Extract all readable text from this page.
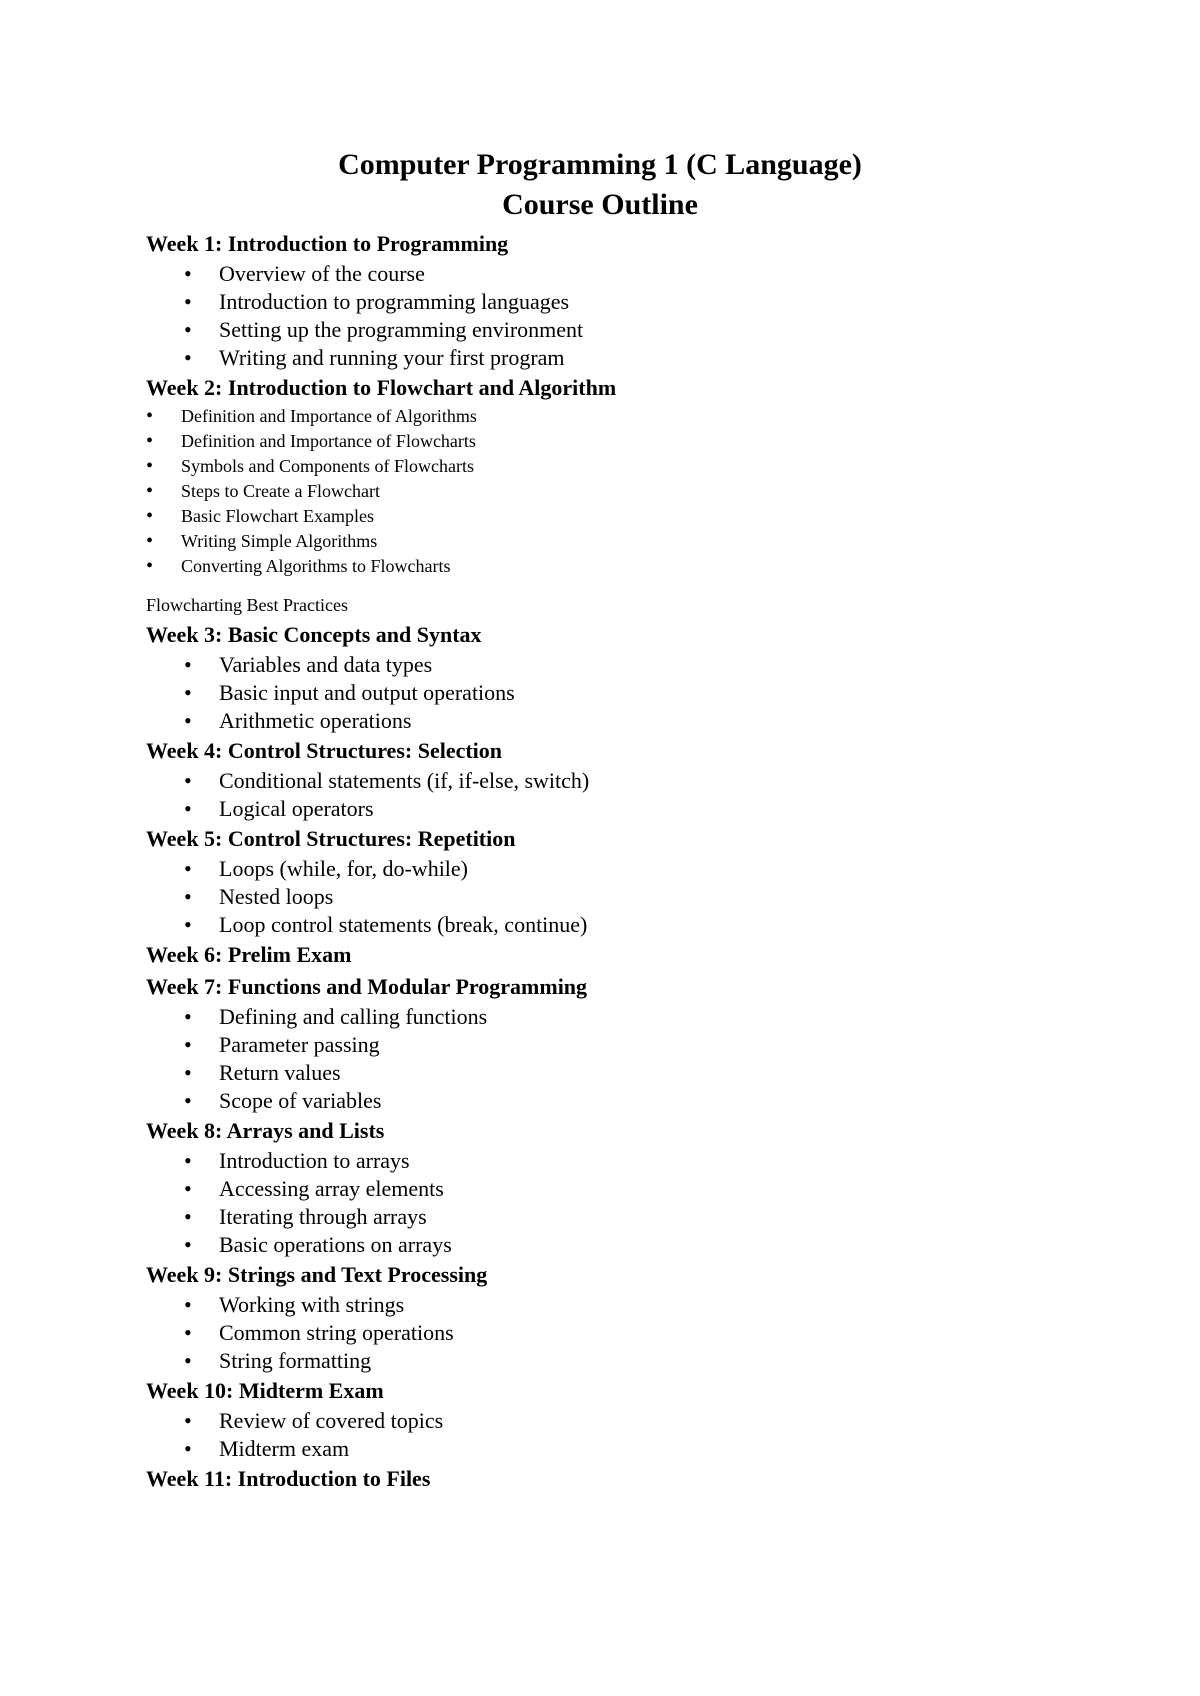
Computer Programming 1 (C Language)
Course Outline
Week 1: Introduction to Programming
• Overview of the course
• Introduction to programming languages
• Setting up the programming environment
• Writing and running your first program
Week 2: Introduction to Flowchart and Algorithm
• Definition and Importance of Algorithms
• Definition and Importance of Flowcharts
• Symbols and Components of Flowcharts
• Steps to Create a Flowchart
• Basic Flowchart Examples
• Writing Simple Algorithms
• Converting Algorithms to Flowcharts
Flowcharting Best Practices
Week 3: Basic Concepts and Syntax
• Variables and data types
• Basic input and output operations
• Arithmetic operations
Week 4: Control Structures: Selection
• Conditional statements (if, if-else, switch)
• Logical operators
Week 5: Control Structures: Repetition
• Loops (while, for, do-while)
• Nested loops
• Loop control statements (break, continue)
Week 6: Prelim Exam
Week 7: Functions and Modular Programming
• Defining and calling functions
• Parameter passing
• Return values
• Scope of variables
Week 8: Arrays and Lists
• Introduction to arrays
• Accessing array elements
• Iterating through arrays
• Basic operations on arrays
Week 9: Strings and Text Processing
• Working with strings
• Common string operations
• String formatting
Week 10: Midterm Exam
• Review of covered topics
• Midterm exam
Week 11: Introduction to Files
